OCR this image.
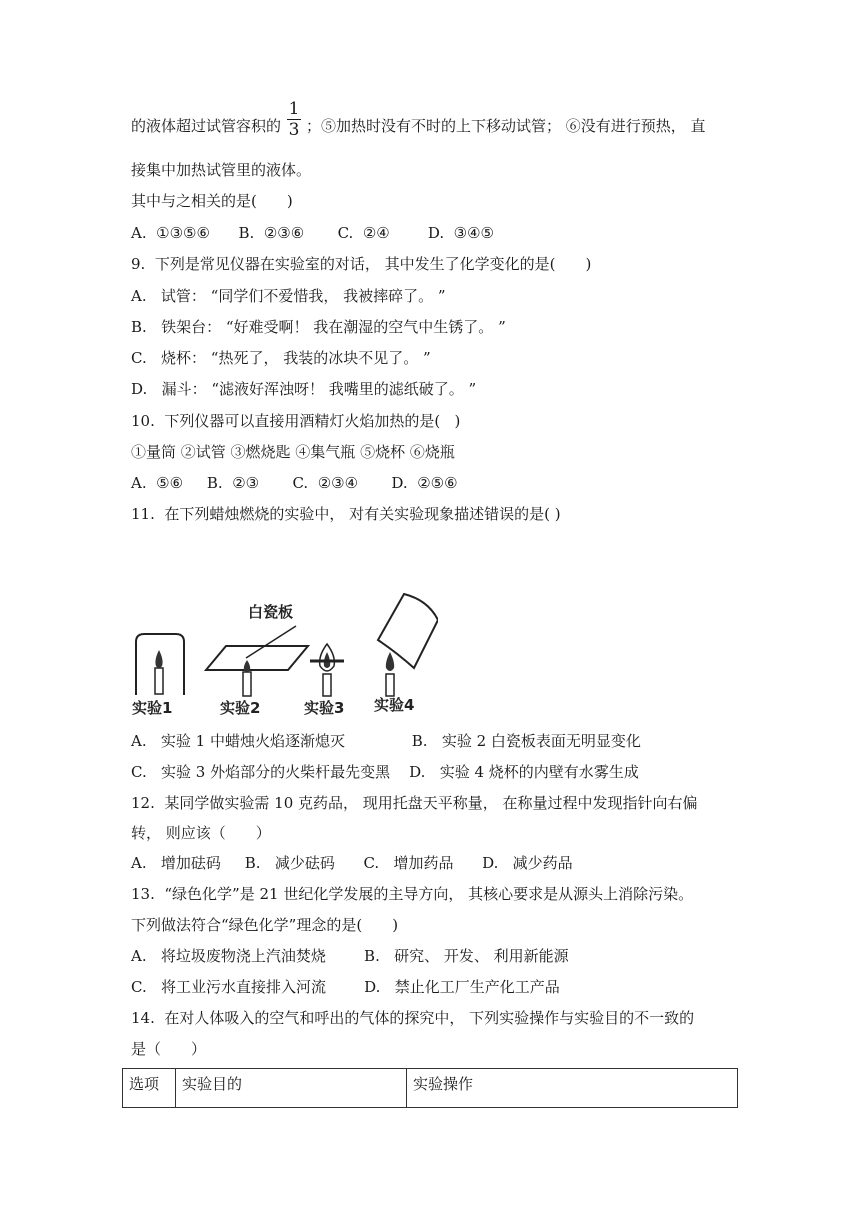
的液体超过试管容积的
1
3 ；⑤加热时没有不时的上下移动试管； ⑥没有进行预热， 直
接集中加热试管里的液体。
其中与之相关的是(　　)
A.  ①③⑤⑥      B.  ②③⑥       C.  ②④        D.  ③④⑤
9.  下列是常见仪器在实验室的对话， 其中发生了化学变化的是(　　)
A.   试管： “同学们不爱惜我， 我被摔碎了。 ”
B.   铁架台： “好难受啊！ 我在潮湿的空气中生锈了。 ”
C.   烧杯： “热死了， 我装的冰块不见了。 ”
D.   漏斗： “滤液好浑浊呀！ 我嘴里的滤纸破了。 ”
10.  下列仪器可以直接用酒精灯火焰加热的是(   )
①量筒 ②试管 ③燃烧匙 ④集气瓶 ⑤烧杯 ⑥烧瓶
A.  ⑤⑥     B.  ②③       C.  ②③④       D.  ②⑤⑥
11.  在下列蜡烛燃烧的实验中， 对有关实验现象描述错误的是( )
白瓷板
实验1	实验2	实验3 实验4
A.   实验 1 中蜡烛火焰逐渐熄灭              B.   实验 2 白瓷板表面无明显变化
C.   实验 3 外焰部分的火柴杆最先变黑    D.   实验 4 烧杯的内壁有水雾生成
12.  某同学做实验需 10 克药品， 现用托盘天平称量， 在称量过程中发现指针向右偏
转， 则应该（　　）
A.   增加砝码     B.   减少砝码      C.   增加药品      D.   减少药品
13.  “绿色化学”是 21 世纪化学发展的主导方向， 其核心要求是从源头上消除污染。
下列做法符合“绿色化学”理念的是(　　)
A.   将垃圾废物浇上汽油焚烧        B.   研究、 开发、 利用新能源
C.   将工业污水直接排入河流        D.   禁止化工厂生产化工产品
14.  在对人体吸入的空气和呼出的气体的探究中， 下列实验操作与实验目的不一致的
是（　　）
选项	实验目的	实验操作
